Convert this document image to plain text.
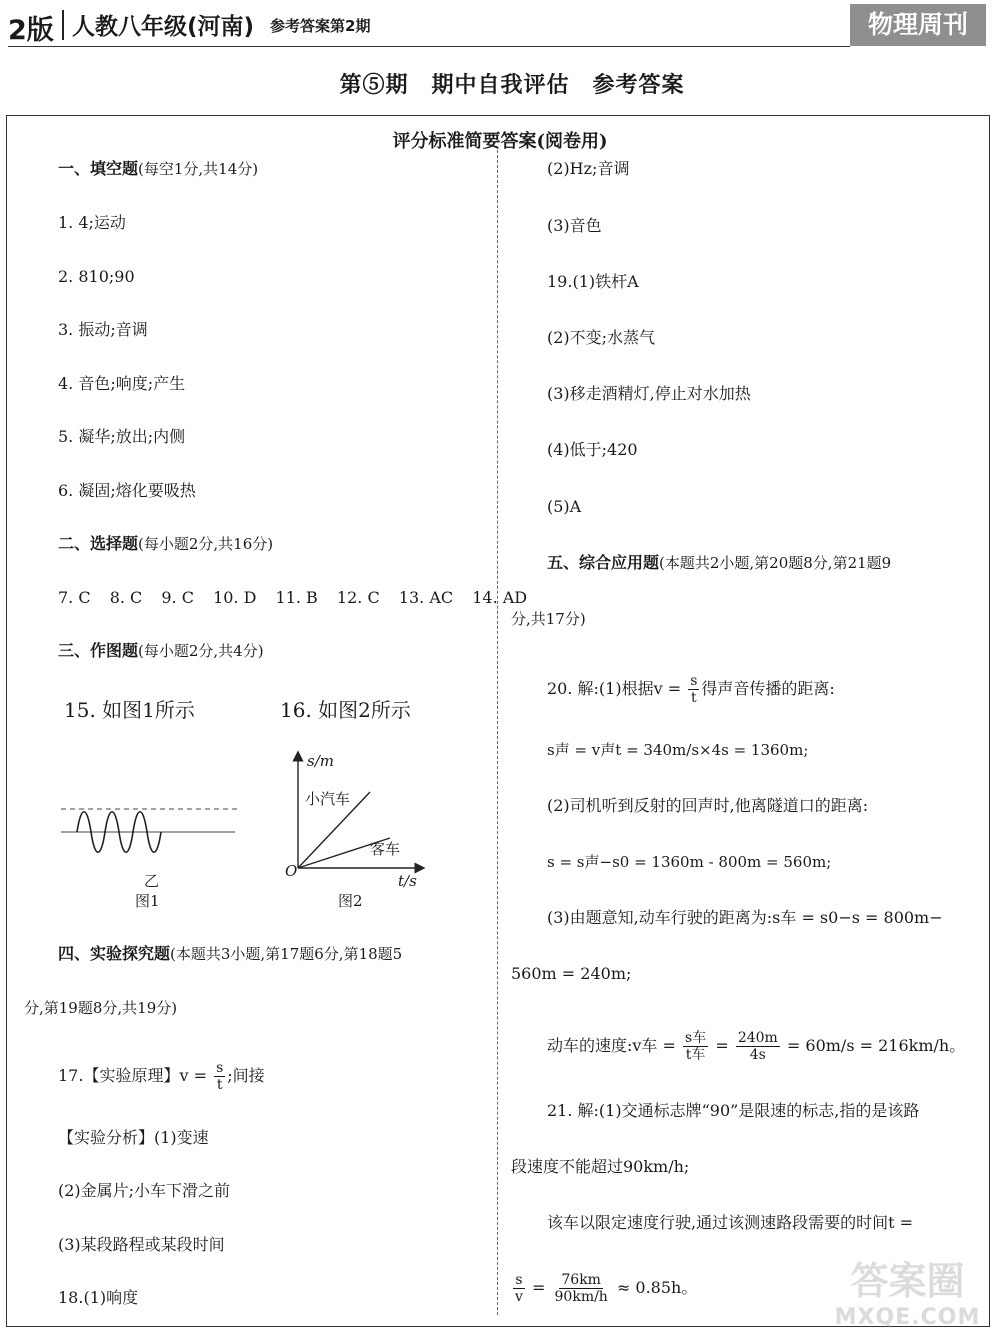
2版 人教八年级(河南) 参考答案第2期	物理周刊
第⑤期　期中自我评估　参考答案
评分标准简要答案(阅卷用)
一、填空题(每空1分,共14分)
1. 4;运动
2. 810;90
3. 振动;音调
4. 音色;响度;产生
5. 凝华;放出;内侧
6. 凝固;熔化要吸热
二、选择题(每小题2分,共16分)
7. C 8. C 9. C 10. D 11. B 12. C 13. AC 14. AD
三、作图题(每小题2分,共4分)
15. 如图1所示	16. 如图2所示
乙
图1
s/m
t/s
O
小汽车
客车
图2
四、实验探究题(本题共3小题,第17题6分,第18题5
分,第19题8分,共19分)
17.【实验原理】$v = \frac{s}{t}$ ;间接
【实验分析】(1)变速
(2)金属片;小车下滑之前
(3)某段路程或某段时间
18.(1)响度
(2)Hz;音调
(3)音色
19.(1)铁杆A
(2)不变;水蒸气
(3)移走酒精灯,停止对水加热
(4)低于;420
(5)A
五、综合应用题(本题共2小题,第20题8分,第21题9
分,共17分)
20. 解:(1)根据$v = \frac{s}{t}$ 得声音传播的距离:
s声 = v声t = 340m/s×4s = 1360m;
(2)司机听到反射的回声时,他离隧道口的距离:
s = s声−s0 = 1360m - 800m = 560m;
(3)由题意知,动车行驶的距离为:s车 = s0−s = 800m−
560m = 240m;
动车的速度:v车 = $\frac{\text{s车}}{\text{t车}} = \frac{240m}{4s} = 60m/s = 216km/h$。
21. 解:(1)交通标志牌“90”是限速的标志,指的是该路
段速度不能超过90km/h;
该车以限定速度行驶,通过该测速路段需要的时间t =
$\frac{s}{v} = \frac{76km}{90km/h} \approx 0.85h$。	答案圈
MXQE.COM
